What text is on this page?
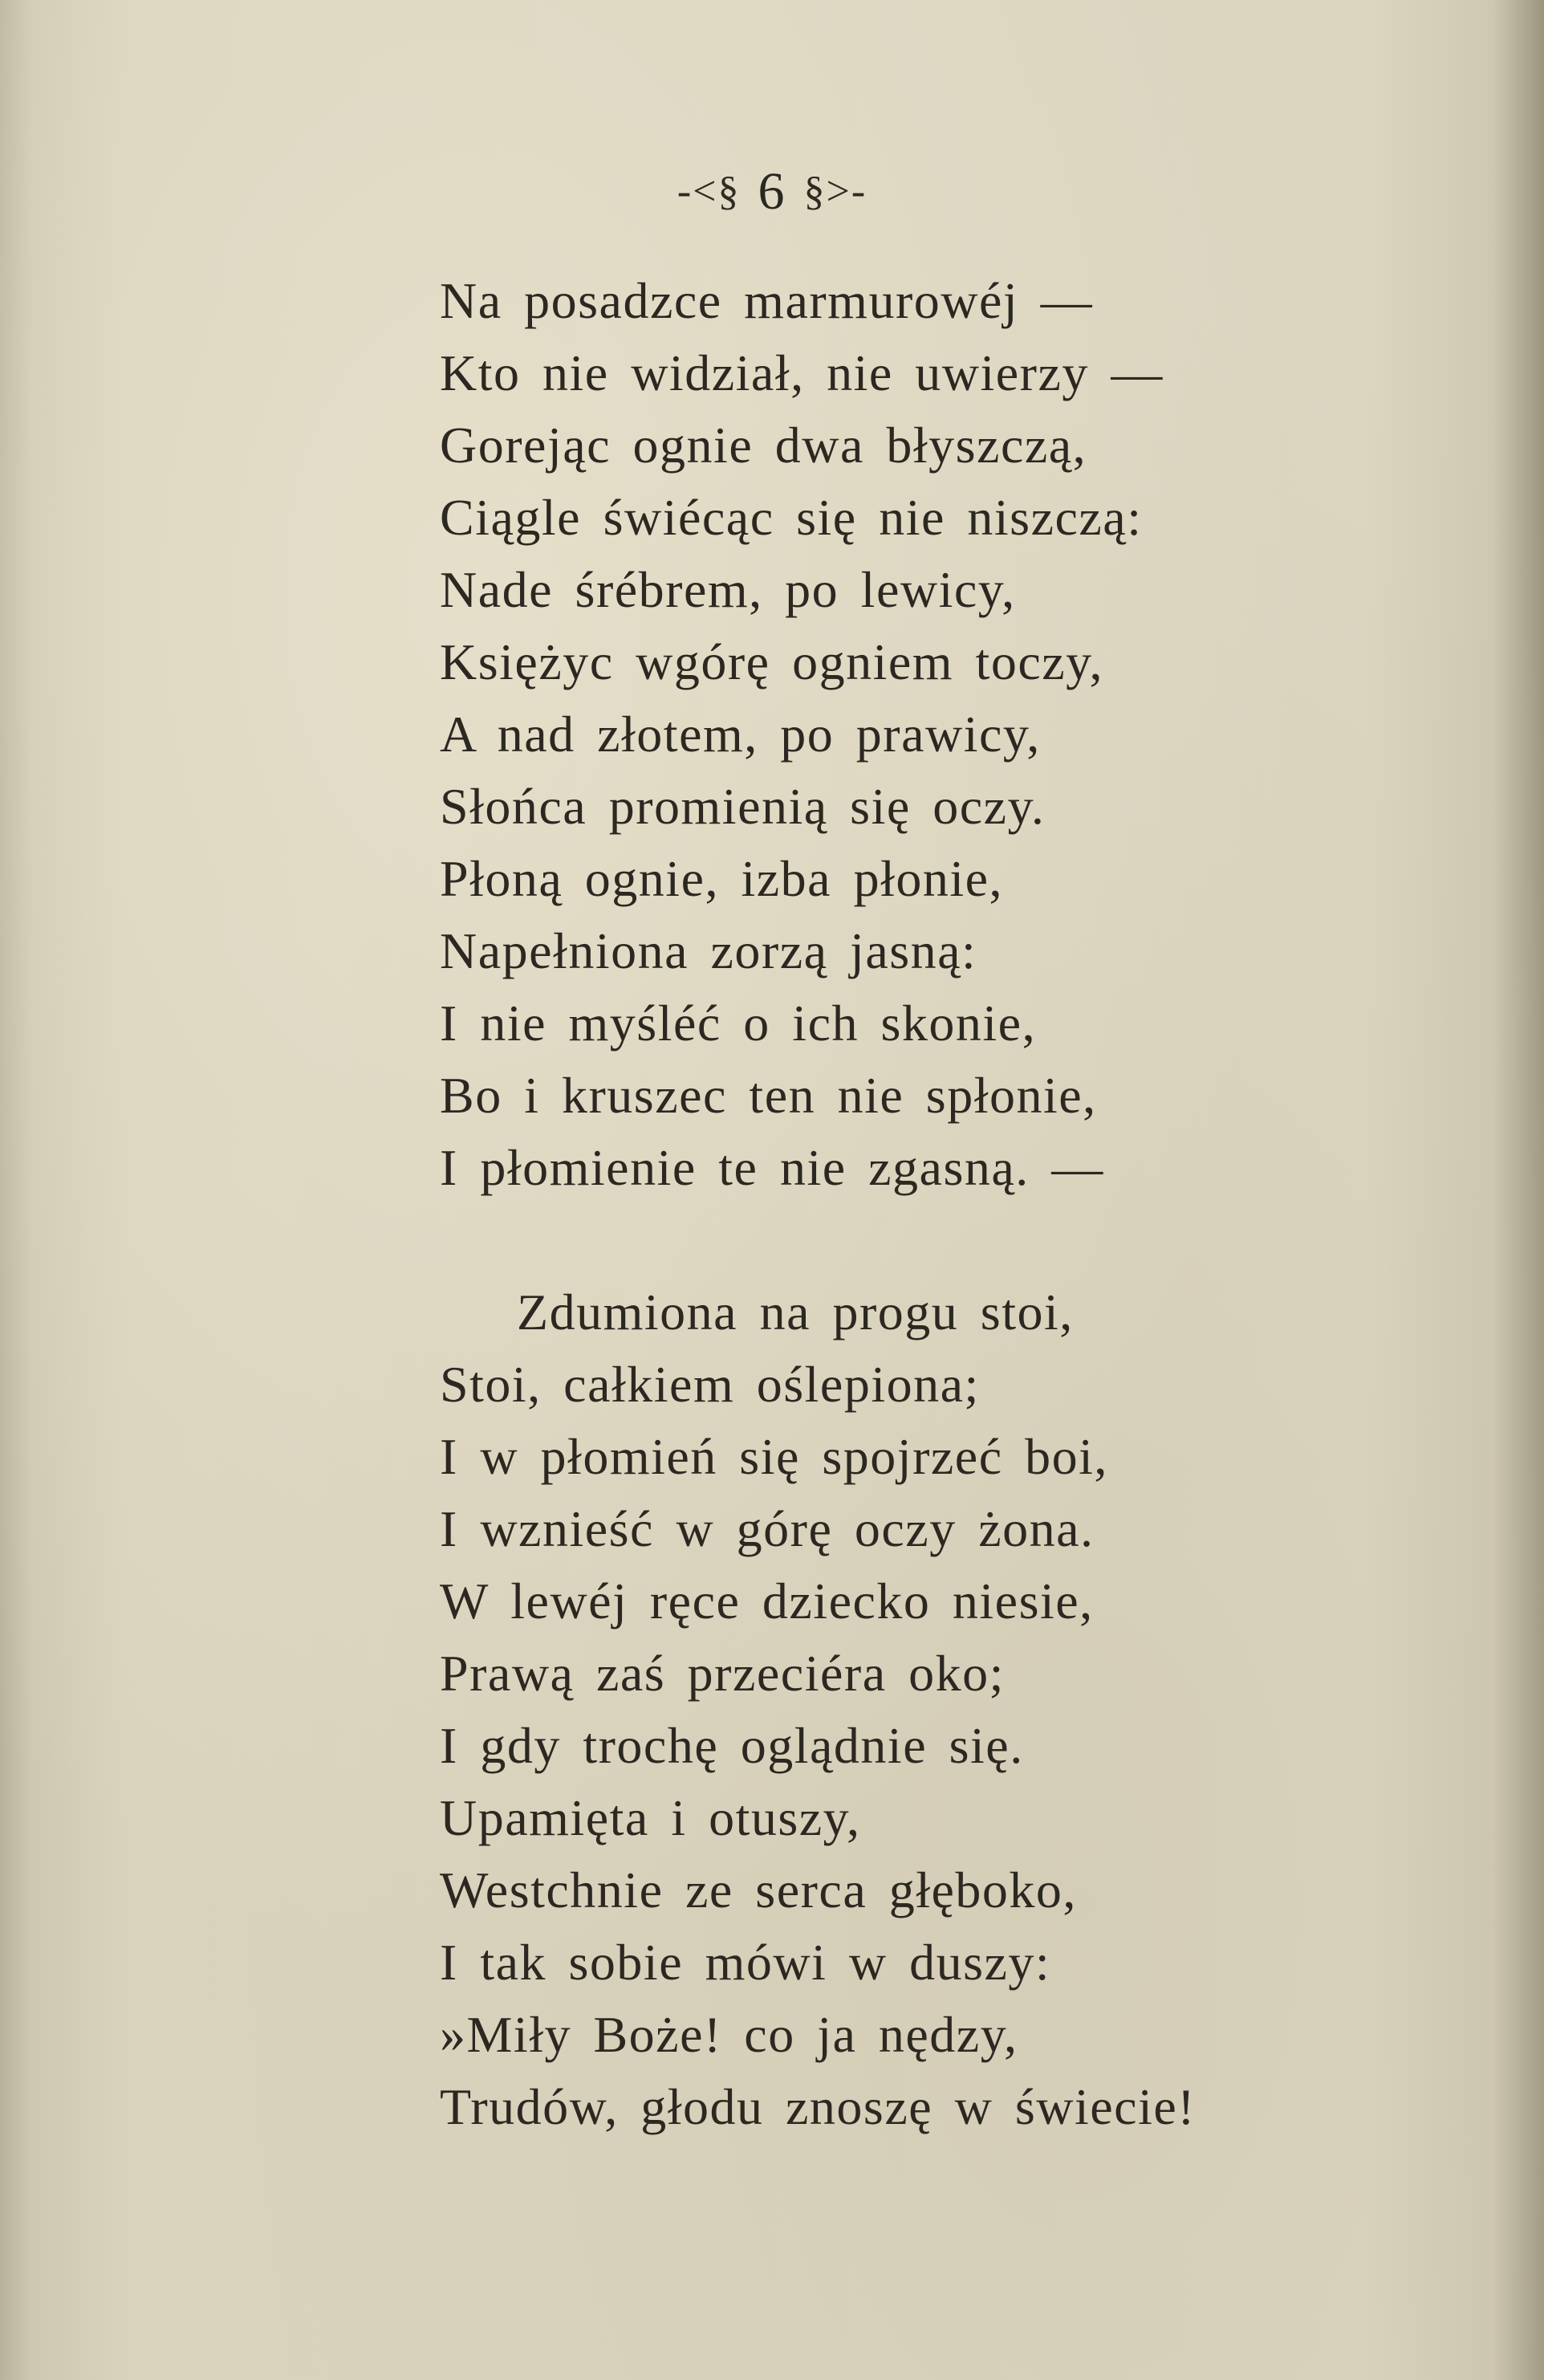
-<§ 6 §>-
Na posadzce marmurowéj —
Kto nie widział, nie uwierzy —
Gorejąc ognie dwa błyszczą,
Ciągle świécąc się nie niszczą:
Nade śrébrem, po lewicy,
Księżyc wgórę ogniem toczy,
A nad złotem, po prawicy,
Słońca promienią się oczy.
Płoną ognie, izba płonie,
Napełniona zorzą jasną:
I nie myśléć o ich skonie,
Bo i kruszec ten nie spłonie,
I płomienie te nie zgasną. —
Zdumiona na progu stoi,
Stoi, całkiem oślepiona;
I w płomień się spojrzeć boi,
I wznieść w górę oczy żona.
W lewéj ręce dziecko niesie,
Prawą zaś przeciéra oko;
I gdy trochę oglądnie się.
Upamięta i otuszy,
Westchnie ze serca głęboko,
I tak sobie mówi w duszy:
»Miły Boże! co ja nędzy,
Trudów, głodu znoszę w świecie!
